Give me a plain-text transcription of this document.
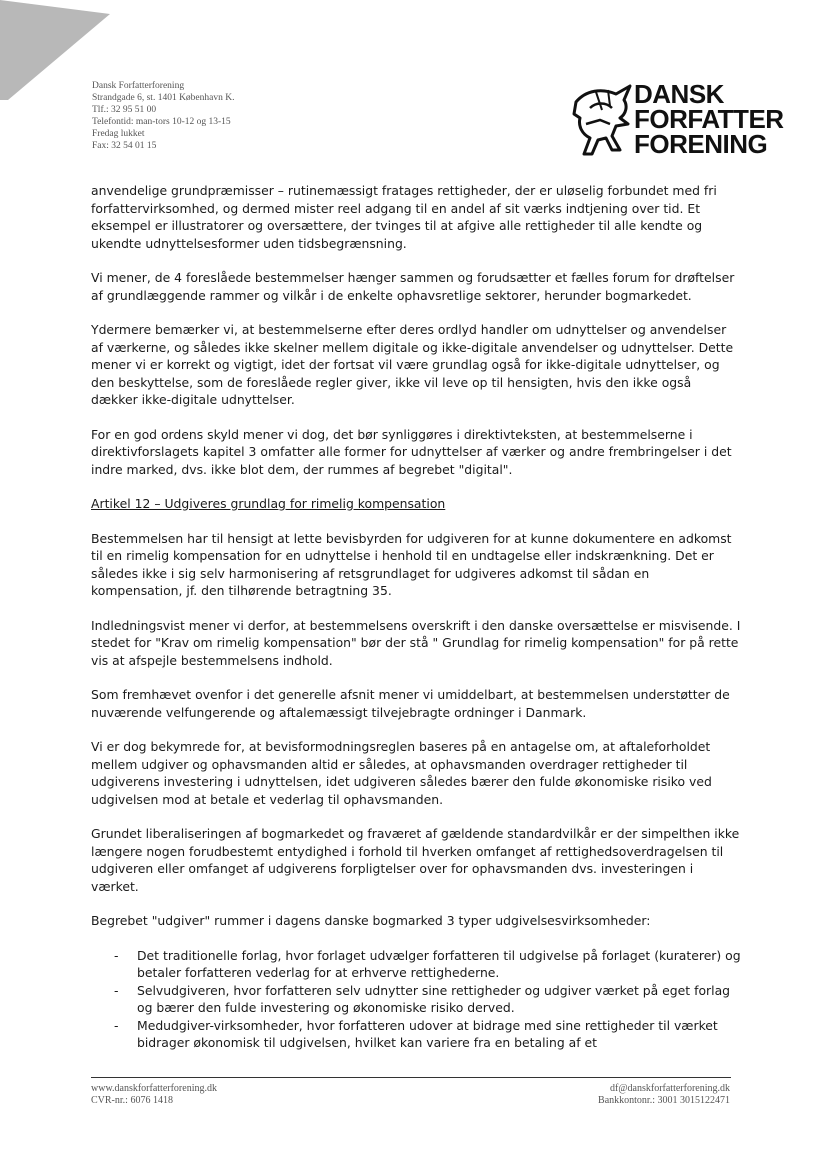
Dansk Forfatterforening
Strandgade 6, st. 1401 København K.
Tlf.: 32 95 51 00
Telefontid: man-tors 10-12 og 13-15
Fredag lukket
Fax: 32 54 01 15
DANSK
FORFATTER
FORENING

anvendelige grundpræmisser – rutinemæssigt fratages rettigheder, der er uløselig forbundet med fri forfattervirksomhed, og dermed mister reel adgang til en andel af sit værks indtjening over tid. Et eksempel er illustratorer og oversættere, der tvinges til at afgive alle rettigheder til alle kendte og ukendte udnyttelsesformer uden tidsbegrænsning.

Vi mener, de 4 foreslåede bestemmelser hænger sammen og forudsætter et fælles forum for drøftelser af grundlæggende rammer og vilkår i de enkelte ophavsretlige sektorer, herunder bogmarkedet.

Ydermere bemærker vi, at bestemmelserne efter deres ordlyd handler om udnyttelser og anvendelser af værkerne, og således ikke skelner mellem digitale og ikke-digitale anvendelser og udnyttelser. Dette mener vi er korrekt og vigtigt, idet der fortsat vil være grundlag også for ikke-digitale udnyttelser, og den beskyttelse, som de foreslåede regler giver, ikke vil leve op til hensigten, hvis den ikke også dækker ikke-digitale udnyttelser.

For en god ordens skyld mener vi dog, det bør synliggøres i direktivteksten, at bestemmelserne i direktivforslagets kapitel 3 omfatter alle former for udnyttelser af værker og andre frembringelser i det indre marked, dvs. ikke blot dem, der rummes af begrebet "digital".

Artikel 12 – Udgiveres grundlag for rimelig kompensation

Bestemmelsen har til hensigt at lette bevisbyrden for udgiveren for at kunne dokumentere en adkomst til en rimelig kompensation for en udnyttelse i henhold til en undtagelse eller indskrænkning. Det er således ikke i sig selv harmonisering af retsgrundlaget for udgiveres adkomst til sådan en kompensation, jf. den tilhørende betragtning 35.

Indledningsvist mener vi derfor, at bestemmelsens overskrift i den danske oversættelse er misvisende. I stedet for "Krav om rimelig kompensation" bør der stå " Grundlag for rimelig kompensation" for på rette vis at afspejle bestemmelsens indhold.

Som fremhævet ovenfor i det generelle afsnit mener vi umiddelbart, at bestemmelsen understøtter de nuværende velfungerende og aftalemæssigt tilvejebragte ordninger i Danmark.

Vi er dog bekymrede for, at bevisformodningsreglen baseres på en antagelse om, at aftaleforholdet mellem udgiver og ophavsmanden altid er således, at ophavsmanden overdrager rettigheder til udgiverens investering i udnyttelsen, idet udgiveren således bærer den fulde økonomiske risiko ved udgivelsen mod at betale et vederlag til ophavsmanden.

Grundet liberaliseringen af bogmarkedet og fraværet af gældende standardvilkår er der simpelthen ikke længere nogen forudbestemt entydighed i forhold til hverken omfanget af rettighedsoverdragelsen til udgiveren eller omfanget af udgiverens forpligtelser over for ophavsmanden dvs. investeringen i værket.

Begrebet "udgiver" rummer i dagens danske bogmarked 3 typer udgivelsesvirksomheder:

- Det traditionelle forlag, hvor forlaget udvælger forfatteren til udgivelse på forlaget (kuraterer) og betaler forfatteren vederlag for at erhverve rettighederne.
- Selvudgiveren, hvor forfatteren selv udnytter sine rettigheder og udgiver værket på eget forlag og bærer den fulde investering og økonomiske risiko derved.
- Medudgiver-virksomheder, hvor forfatteren udover at bidrage med sine rettigheder til værket bidrager økonomisk til udgivelsen, hvilket kan variere fra en betaling af et
www.danskforfatterforening.dk
CVR-nr.: 6076 1418
df@danskforfatterforening.dk
Bankkontonr.: 3001 3015122471
